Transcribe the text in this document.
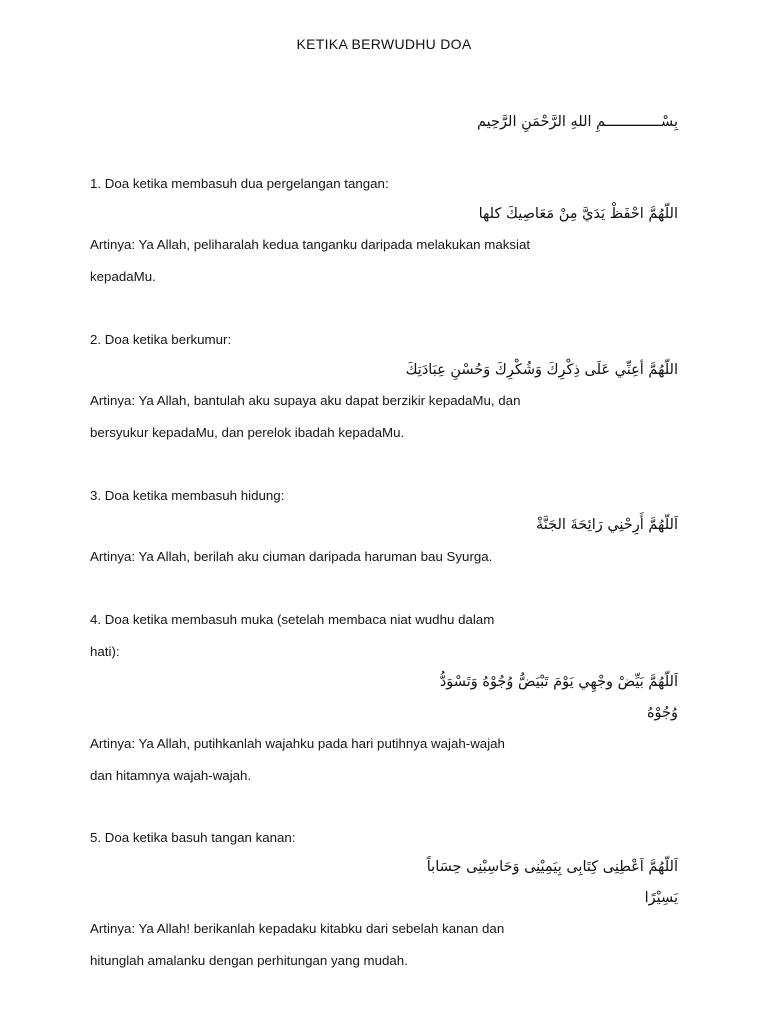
KETIKA BERWUDHU DOA
بِسْـــــــــــــمِ اللهِ الرَّحْمَنِ الرَّحِيم
1. Doa ketika membasuh dua pergelangan tangan:
اللّهُمَّ احْفَظْ يَدَيَّ مِنْ مَعَاصِيكَ كلها
Artinya: Ya Allah, peliharalah kedua tanganku daripada melakukan maksiat
kepadaMu.
2. Doa ketika berkumur:
اللّهُمَّ أعِنِّي عَلَى ذِكْرِكَ وَشُكْرِكَ وَحُسْنِ عِبَادَتِكَ
Artinya: Ya Allah, bantulah aku supaya aku dapat berzikir kepadaMu, dan
bersyukur kepadaMu, dan perelok ibadah kepadaMu.
3. Doa ketika membasuh hidung:
اَللّهُمَّ أَرِحْنِي رَائِحَةَ الجَنَّةْ
Artinya: Ya Allah, berilah aku ciuman daripada haruman bau Syurga.
4. Doa ketika membasuh muka (setelah membaca niat wudhu dalam
hati):
اَللّهُمَّ بَيِّضْ وجْهِي يَوْمَ تَبْيَضُّ وُجُوْهُ وَتَسْوَدُّ
وُجُوْهُ
Artinya: Ya Allah, putihkanlah wajahku pada hari putihnya wajah-wajah
dan hitamnya wajah-wajah.
5. Doa ketika basuh tangan kanan:
اَللّهُمَّ اَعْطِنِى كِتَابِى بِيَمِيْنِى وَحَاسِبْنِى حِسَاباً
يَسِيْرًا
Artinya: Ya Allah! berikanlah kepadaku kitabku dari sebelah kanan dan
hitunglah amalanku dengan perhitungan yang mudah.
